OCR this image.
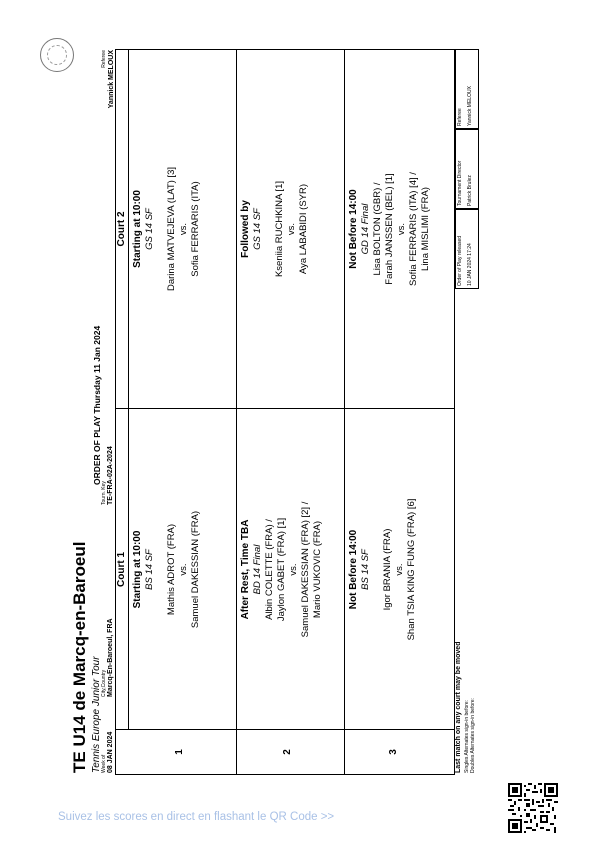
TE U14 de Marcq-en-Baroeul Tennis Europe Junior Tour
ORDER OF PLAY Thursday 11 Jan 2024
Week of 08 JAN 2024
City,Country Marcq-En-Baroeul, FRA
Tourn. Key TE-FRA-02A-2024
Referee Yannick MELOUX
Court 1
Court 2
1
Starting at 10:00 BS 14 SF Mathis ADROT (FRA) vs. Samuel DAKESSIAN (FRA)
Starting at 10:00 GS 14 SF Darina MATVEJEVA (LAT) [3] vs. Sofia FERRARIS (ITA)
2
After Rest, Time TBA BD 14 Final Albin COLETTE (FRA) / Jaylon GABET (FRA) [1] vs. Samuel DAKESSIAN (FRA) [2] / Mario VUKOVIC (FRA)
Followed by GS 14 SF Kseniia RUCHKINA [1] vs. Aya LABABIDI (SYR)
3
Not Before 14:00 BS 14 SF Igor BRANIA (FRA) vs. Shan TSIA KING FUNG (FRA) [6]
Not Before 14:00 GD 14 Final Lisa BOLTON (GBR) / Farah JANSSEN (BEL) [1] vs. Sofia FERRARIS (ITA) [4] / Lina MISLIMI (FRA)
Last match on any court may be moved Singles Alternates sign-in before: Doubles Alternates sign-in before:
Order of Play released 10 JAN 2024 17:24
Tournament Director Patrick Brulez
Referee Yannick MELOUX
Suivez les scores en direct en flashant le QR Code >>
